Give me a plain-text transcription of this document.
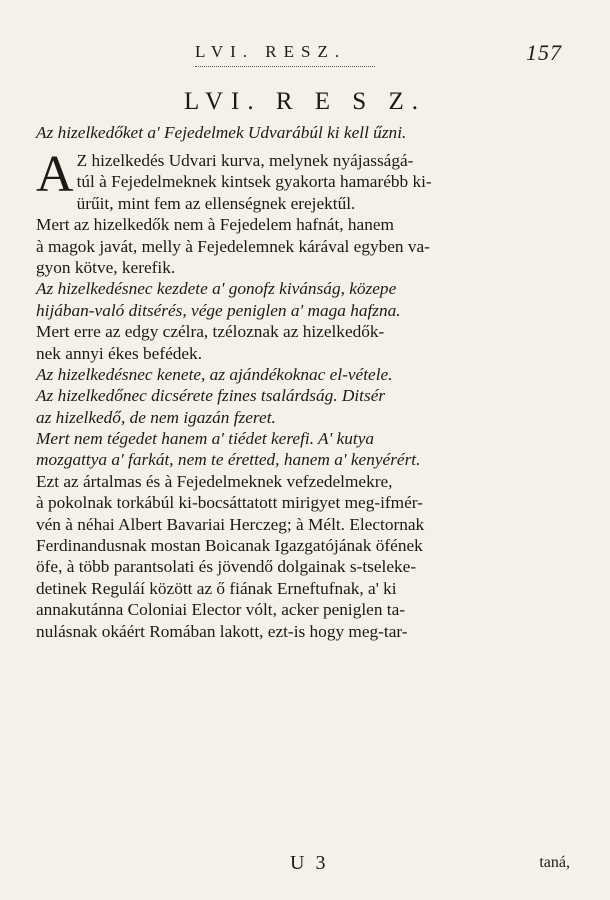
LVI. RESZ.	157
LVI. R E S Z.
Az hizelkedőket a' Fejedelmek Udvarábúl ki kell űzni.
A Z hizelkedés Udvari kurva, melynek nyájasságá-
túl à Fejedelmeknek kintsek gyakorta hamarébb ki-
ürűit, mint fem az ellenségnek erejektűl.
Mert az hizelkedők nem à Fejedelem hafnát, hanem
à magok javát, melly à Fejedelemnek kárával egyben va-
gyon kötve, kerefik.
Az hizelkedésnec kezdete a' gonofz kivánság, közepe
hijában-való ditsérés, vége peniglen a' maga hafzna.
Mert erre az edgy czélra, tzéloznak az hizelkedők-
nek annyi ékes befédek.
Az hizelkedésnec kenete, az ajándékoknac el-vétele.
Az hizelkedőnec dicsérete fzines tsalárdság. Ditsér
az hizelkedő, de nem igazán fzeret.
Mert nem tégedet hanem a' tiédet kerefi. A' kutya
mozgattya a' farkát, nem te éretted, hanem a' kenyérért.
Ezt az ártalmas és à Fejedelmeknek vefzedelmekre,
à pokolnak torkábúl ki-bocsáttatott mirigyet meg-ifmér-
vén à néhai Albert Bavariai Herczeg; à Mélt. Electornak
Ferdinandusnak mostan Boicanak Igazgatójának öfének
öfe, à több parantsolati és jövendő dolgainak s-tseleke-
detinek Reguláí között az ő fiának Erneftufnak, a' ki
annakutánna Coloniai Elector vólt, acker peniglen ta-
nulásnak okáért Romában lakott, ezt-is hogy meg-tar-
U 3	taná,
